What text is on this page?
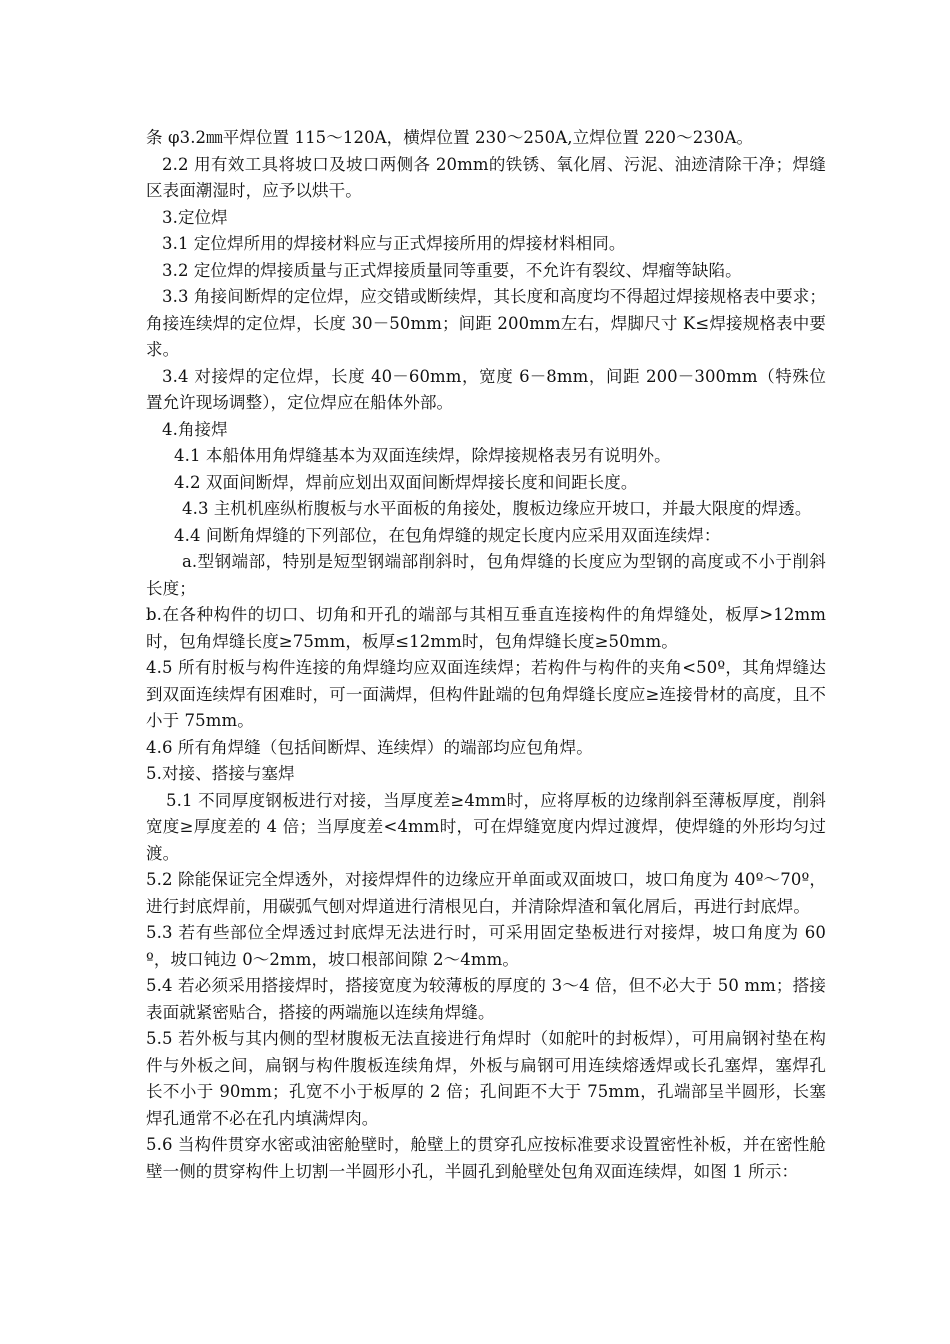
条 φ3.2㎜平焊位置 115～120A，横焊位置 230～250A,立焊位置 220～230A。

2.2 用有效工具将坡口及坡口两侧各 20mm的铁锈、氧化屑、污泥、油迹清除干净；焊缝区表面潮湿时，应予以烘干。

3.定位焊

3.1 定位焊所用的焊接材料应与正式焊接所用的焊接材料相同。

3.2 定位焊的焊接质量与正式焊接质量同等重要，不允许有裂纹、焊瘤等缺陷。

3.3 角接间断焊的定位焊，应交错或断续焊，其长度和高度均不得超过焊接规格表中要求；角接连续焊的定位焊，长度 30－50mm；间距 200mm左右，焊脚尺寸 K≤焊接规格表中要求。

3.4 对接焊的定位焊，长度 40－60mm，宽度 6－8mm，间距 200－300mm（特殊位置允许现场调整），定位焊应在船体外部。

4.角接焊

4.1 本船体用角焊缝基本为双面连续焊，除焊接规格表另有说明外。

4.2 双面间断焊，焊前应划出双面间断焊焊接长度和间距长度。

4.3 主机机座纵桁腹板与水平面板的角接处，腹板边缘应开坡口，并最大限度的焊透。

4.4 间断角焊缝的下列部位，在包角焊缝的规定长度内应采用双面连续焊：

a.型钢端部，特别是短型钢端部削斜时，包角焊缝的长度应为型钢的高度或不小于削斜长度；

b.在各种构件的切口、切角和开孔的端部与其相互垂直连接构件的角焊缝处，板厚>12mm时，包角焊缝长度≥75mm，板厚≤12mm时，包角焊缝长度≥50mm。

4.5 所有肘板与构件连接的角焊缝均应双面连续焊；若构件与构件的夹角<50º，其角焊缝达到双面连续焊有困难时，可一面满焊，但构件趾端的包角焊缝长度应≥连接骨材的高度，且不小于 75mm。

4.6 所有角焊缝（包括间断焊、连续焊）的端部均应包角焊。

5.对接、搭接与塞焊

5.1 不同厚度钢板进行对接，当厚度差≥4mm时，应将厚板的边缘削斜至薄板厚度，削斜宽度≥厚度差的 4 倍；当厚度差<4mm时，可在焊缝宽度内焊过渡焊，使焊缝的外形均匀过渡。

5.2 除能保证完全焊透外，对接焊焊件的边缘应开单面或双面坡口，坡口角度为 40º～70º，进行封底焊前，用碳弧气刨对焊道进行清根见白，并清除焊渣和氧化屑后，再进行封底焊。

5.3 若有些部位全焊透过封底焊无法进行时，可采用固定垫板进行对接焊，坡口角度为 60º，坡口钝边 0～2mm，坡口根部间隙 2～4mm。

5.4 若必须采用搭接焊时，搭接宽度为较薄板的厚度的 3～4 倍，但不必大于 50 mm；搭接表面就紧密贴合，搭接的两端施以连续角焊缝。

5.5 若外板与其内侧的型材腹板无法直接进行角焊时（如舵叶的封板焊），可用扁钢衬垫在构件与外板之间，扁钢与构件腹板连续角焊，外板与扁钢可用连续熔透焊或长孔塞焊，塞焊孔长不小于 90mm；孔宽不小于板厚的 2 倍；孔间距不大于 75mm，孔端部呈半圆形，长塞焊孔通常不必在孔内填满焊肉。

5.6 当构件贯穿水密或油密舱壁时，舱壁上的贯穿孔应按标准要求设置密性补板，并在密性舱壁一侧的贯穿构件上切割一半圆形小孔，半圆孔到舱壁处包角双面连续焊，如图 1 所示：
